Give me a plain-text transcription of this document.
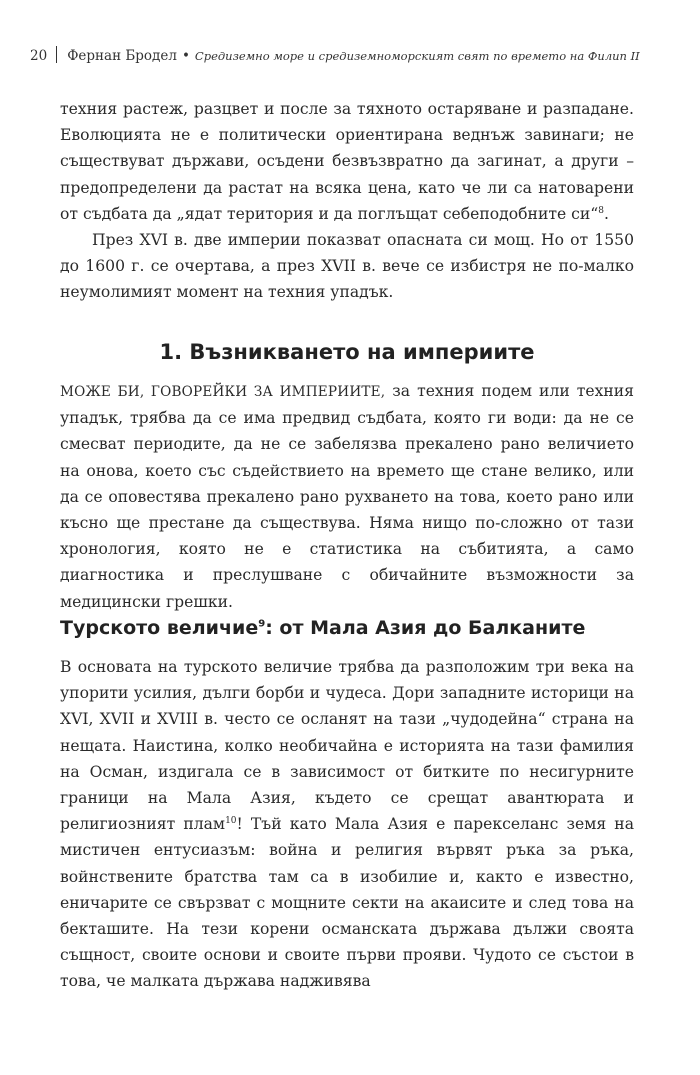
20 Фернан Бродел • Средиземно море и средиземноморският свят по времето на Филип II

техния растеж, разцвет и после за тяхното остаряване и разпадане. Еволюцията не е политически ориентирана веднъж завинаги; не съществуват държави, осъдени безвъзвратно да загинат, а други – предопределени да растат на всяка цена, като че ли са натоварени от съдбата да „ядат територия и да поглъщат себеподобните си“$^8$.

През XVI в. две империи показват опасната си мощ. Но от 1550 до 1600 г. се очертава, а през XVII в. вече се избистря не по-малко неумолимият момент на техния упадък.

1. Възникването на империите

МОЖЕ БИ, ГОВОРЕЙКИ ЗА ИМПЕРИИТЕ, за техния подем или техния упадък, трябва да се има предвид съдбата, която ги води: да не се смесват периодите, да не се забелязва прекалено рано величието на онова, което със съдействието на времето ще стане велико, или да се оповестява прекалено рано рухването на това, което рано или късно ще престане да съществува. Няма нищо по-сложно от тази хронология, която не е статистика на събитията, а само диагностика и преслушване с обичайните възможности за медицински грешки.

Турското величие$^9$: от Мала Азия до Балканите

В основата на турското величие трябва да разположим три века на упорити усилия, дълги борби и чудеса. Дори западните историци на XVI, XVII и XVIII в. често се осланят на тази „чудодейна“ страна на нещата. Наистина, колко необичайна е историята на тази фамилия на Осман, издигала се в зависимост от битките по несигурните граници на Мала Азия, където се срещат авантюрата и религиозният плам$^{10}$! Тъй като Мала Азия е парекселанс земя на мистичен ентусиазъм: война и религия вървят ръка за ръка, войнствените братства там са в изобилие и, както е известно, еничарите се свързват с мощните секти на акаисите и след това на бекташите. На тези корени османската държава дължи своята същност, своите основи и своите първи прояви. Чудото се състои в това, че малката държава надживява
